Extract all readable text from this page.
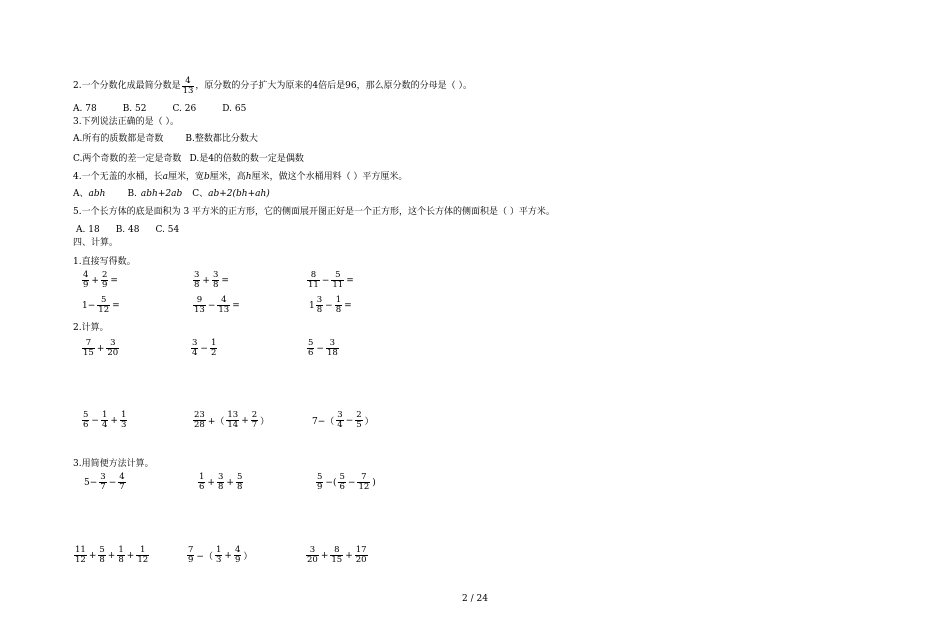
2.一个分数化成最简分数是 $\frac{4}{13}$ ，原分数的分子扩大为原来的4倍后是96，那么原分数的分母是（ ）。
A. 78	B. 52	C. 26	D. 65
3.下列说法正确的是（ ）。
A.所有的质数都是奇数 B.整数都比分数大
C.两个奇数的差一定是奇数 D.是4的倍数的数一定是偶数
4.一个无盖的水桶，长a厘米，宽b厘米，高h厘米，做这个水桶用料（ ）平方厘米。
A、abh B. abh+2ab C、ab+2(bh+ah)
5.一个长方体的底是面积为 3 平方米的正方形，它的侧面展开图正好是一个正方形，这个长方体的侧面积是（ ）平方米。
A. 18 B. 48 C. 54
四、计算。
1.直接写得数。
$\frac{4}{9} + \frac{2}{9}$ =	$\frac{3}{8} + \frac{3}{8}$ =	$\frac{8}{11} - \frac{5}{11}$ =
$1- \frac{5}{12}$ =	$\frac{9}{13} - \frac{4}{13}$ =	$1 \frac{3}{8} - \frac{1}{8}$ =
2.计算。
$\frac{7}{15} + \frac{3}{20}$	$\frac{3}{4} - \frac{1}{2}$	$\frac{5}{6} - \frac{3}{18}$
$\frac{5}{6} - \frac{1}{4} + \frac{1}{3}$	$\frac{23}{28}$ +（ $\frac{13}{14} + \frac{2}{7}$ ）	$7-( \frac{3}{4} - \frac{2}{5}$ ）
3.用简便方法计算。
$5- \frac{3}{7} - \frac{4}{7}$	$\frac{1}{6} + \frac{3}{8} + \frac{5}{8}$	$\frac{5}{9}$ −( $\frac{5}{6} - \frac{7}{12}$ )
$\frac{11}{12} + \frac{5}{8} + \frac{1}{8} + \frac{1}{12}$	$\frac{7}{9}$ −（ $\frac{1}{3} + \frac{4}{9}$ ）	$\frac{3}{20} + \frac{8}{15} + \frac{17}{20}$
2 / 24
